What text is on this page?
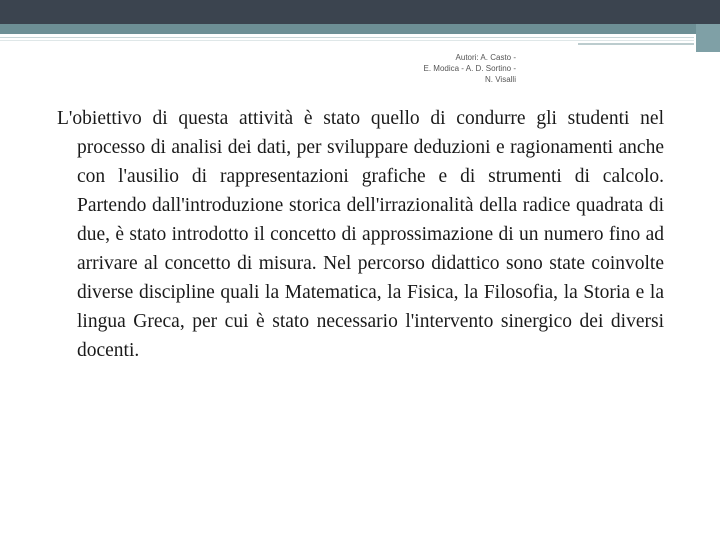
Autori: A. Casto -
E. Modica - A. D. Sortino -
N. Visalli

L'obiettivo di questa attività è stato quello di condurre gli studenti nel processo di analisi dei dati, per sviluppare deduzioni e ragionamenti anche con l'ausilio di rappresentazioni grafiche e di strumenti di calcolo. Partendo dall'introduzione storica dell'irrazionalità della radice quadrata di due, è stato introdotto il concetto di approssimazione di un numero fino ad arrivare al concetto di misura. Nel percorso didattico sono state coinvolte diverse discipline quali la Matematica, la Fisica, la Filosofia, la Storia e la lingua Greca, per cui è stato necessario l'intervento sinergico dei diversi docenti.
